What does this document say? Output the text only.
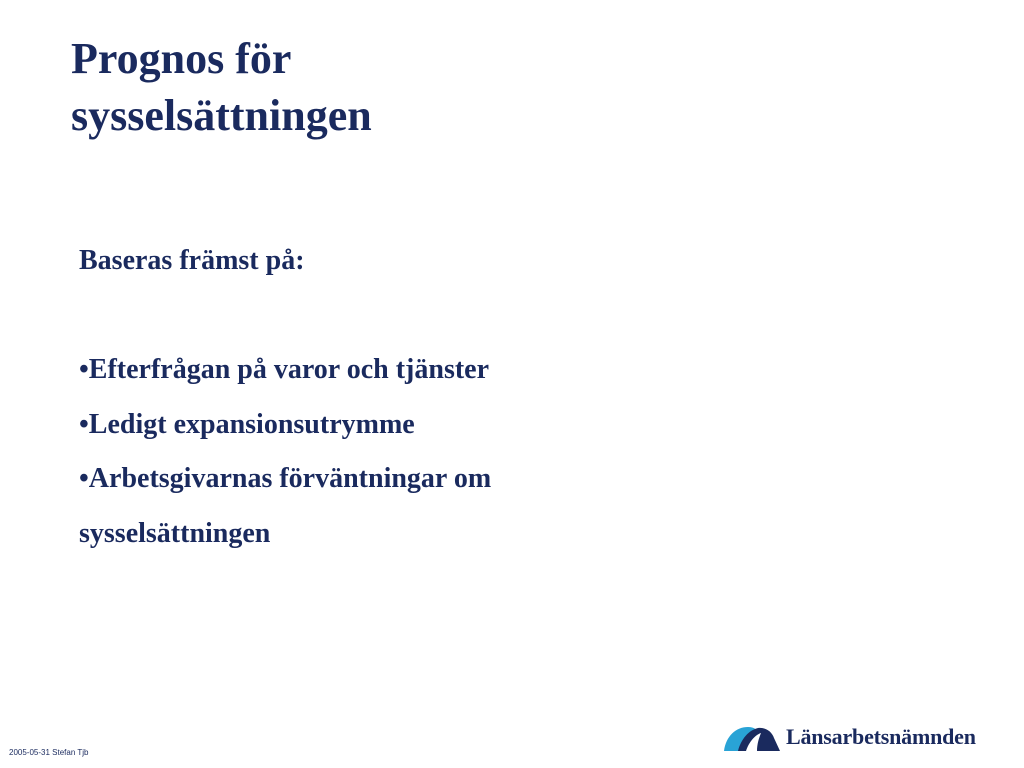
Prognos för
sysselsättningen
Baseras främst på:
•Efterfrågan på varor och tjänster
•Ledigt expansionsutrymme
•Arbetsgivarnas förväntningar om
sysselsättningen
2005-05-31 Stefan Tjb
Länsarbetsnämnden
